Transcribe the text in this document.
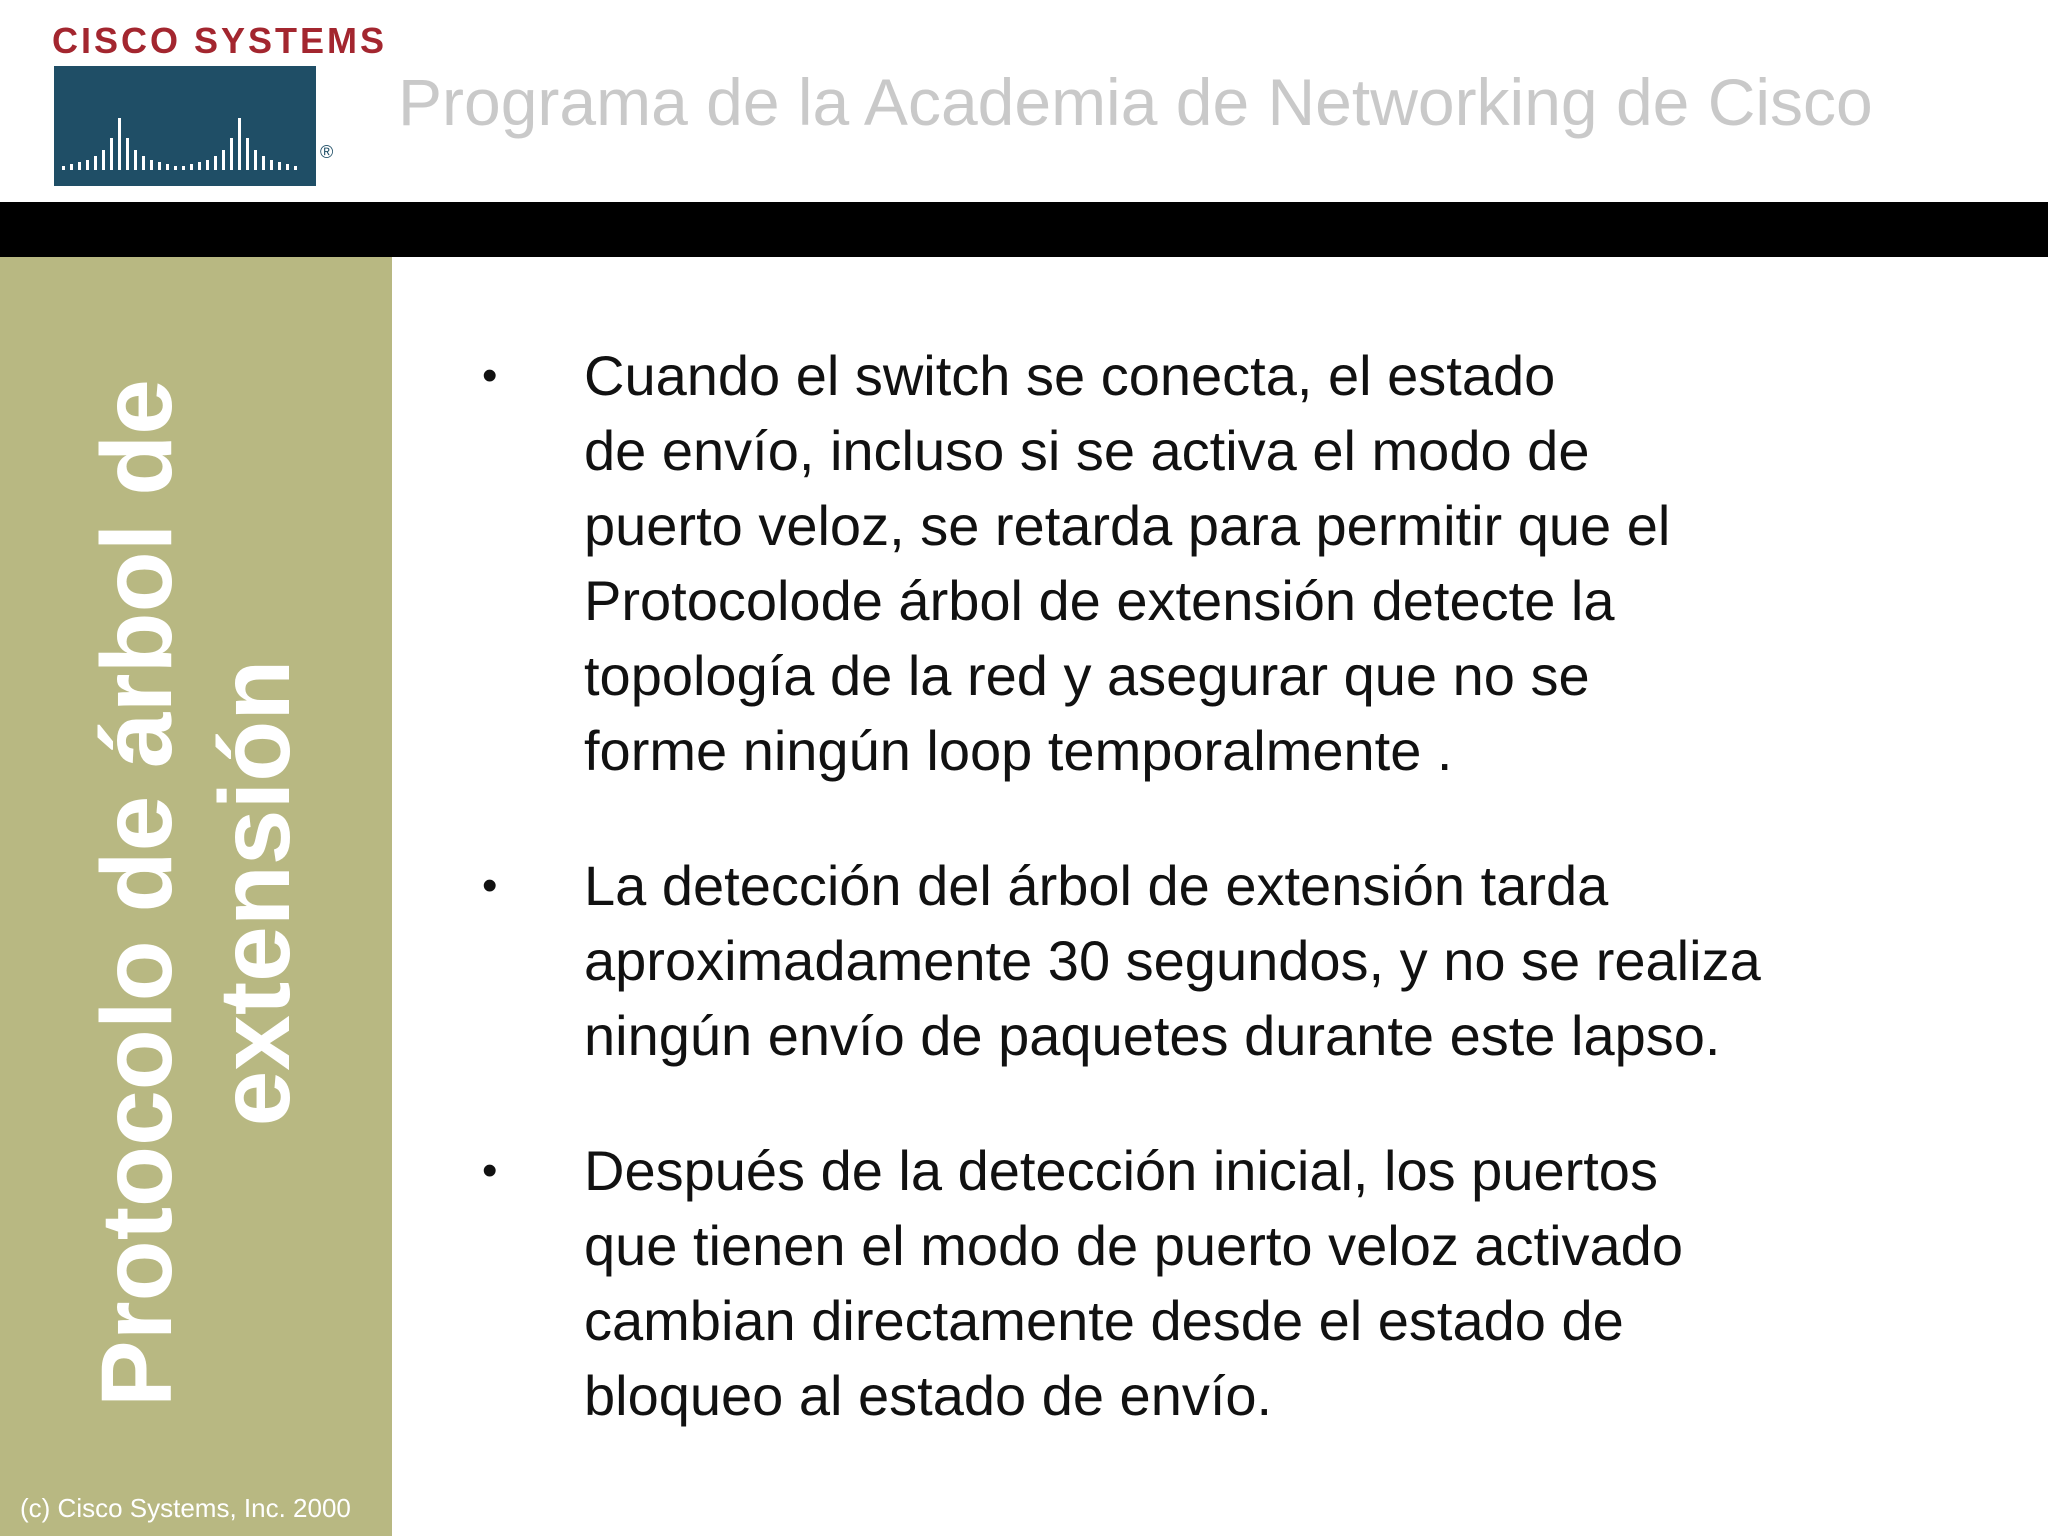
CISCO SYSTEMS
®
Programa de la Academia de Networking de Cisco
Protocolo de árbol de extensión
(c) Cisco Systems, Inc. 2000
• Cuando el switch se conecta, el estado
de envío, incluso si se activa el modo de
puerto veloz, se retarda para permitir que el
Protocolode árbol de extensión detecte la
topología de la red y asegurar que no se
forme ningún loop temporalmente .
• La detección del árbol de extensión tarda
aproximadamente 30 segundos, y no se realiza
ningún envío de paquetes durante este lapso.
• Después de la detección inicial, los puertos
que tienen el modo de puerto veloz activado
cambian directamente desde el estado de
bloqueo al estado de envío.
